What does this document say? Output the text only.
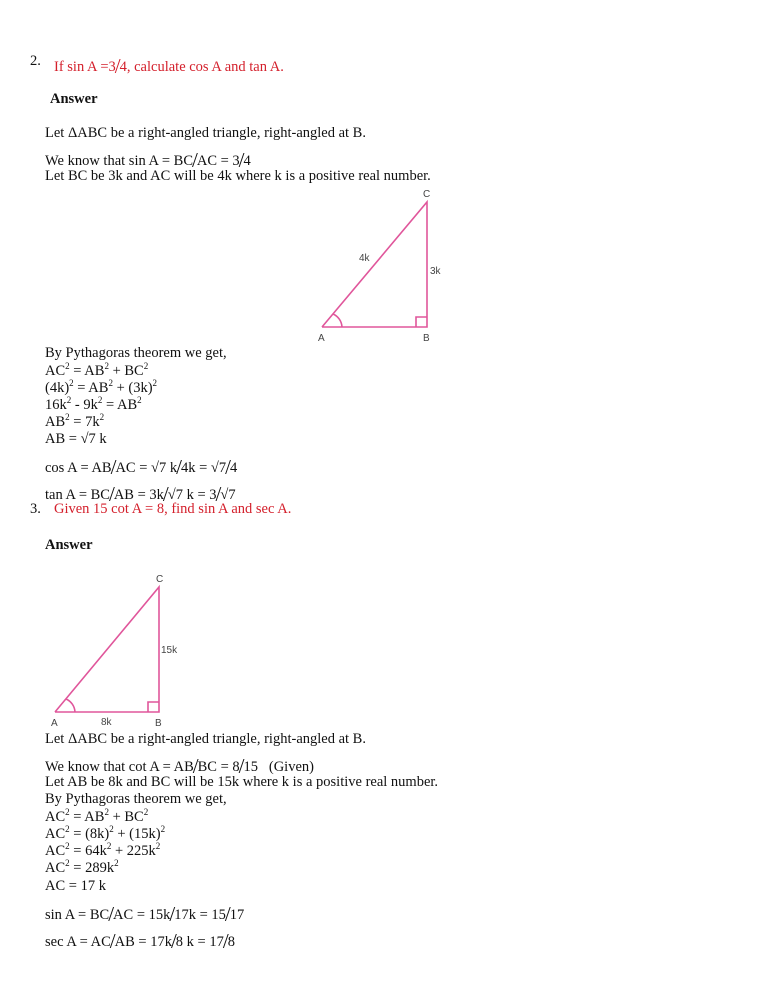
2. If sin A =3/4, calculate cos A and tan A.
Answer
Let ΔABC be a right-angled triangle, right-angled at B.
We know that sin A = BC/AC = 3/4
Let BC be 3k and AC will be 4k where k is a positive real number.
A	B
C
4k
3k
A	B
C
8k
15k
By Pythagoras theorem we get,
$AC^2 = AB^2 + BC^2$
$(4k)^2 = AB^2 + (3k)^2$
$16k^2 - 9k^2 = AB^2$
$AB^2 = 7k^2$
AB = √7 k
cos A = AB/AC = √7 k/4k = √7/4
tan A = BC/AB = 3k/√7 k = 3/√7
3. Given 15 cot A = 8, find sin A and sec A.
Answer
Let ΔABC be a right-angled triangle, right-angled at B.
We know that cot A = AB/BC = 8/15   (Given)
Let AB be 8k and BC will be 15k where k is a positive real number.
By Pythagoras theorem we get,
$AC^2 = AB^2 + BC^2$
$AC^2 = (8k)^2 + (15k)^2$
$AC^2 = 64k^2 + 225k^2$
$AC^2 = 289k^2$
AC = 17 k
sin A = BC/AC = 15k/17k = 15/17
sec A = AC/AB = 17k/8 k = 17/8
